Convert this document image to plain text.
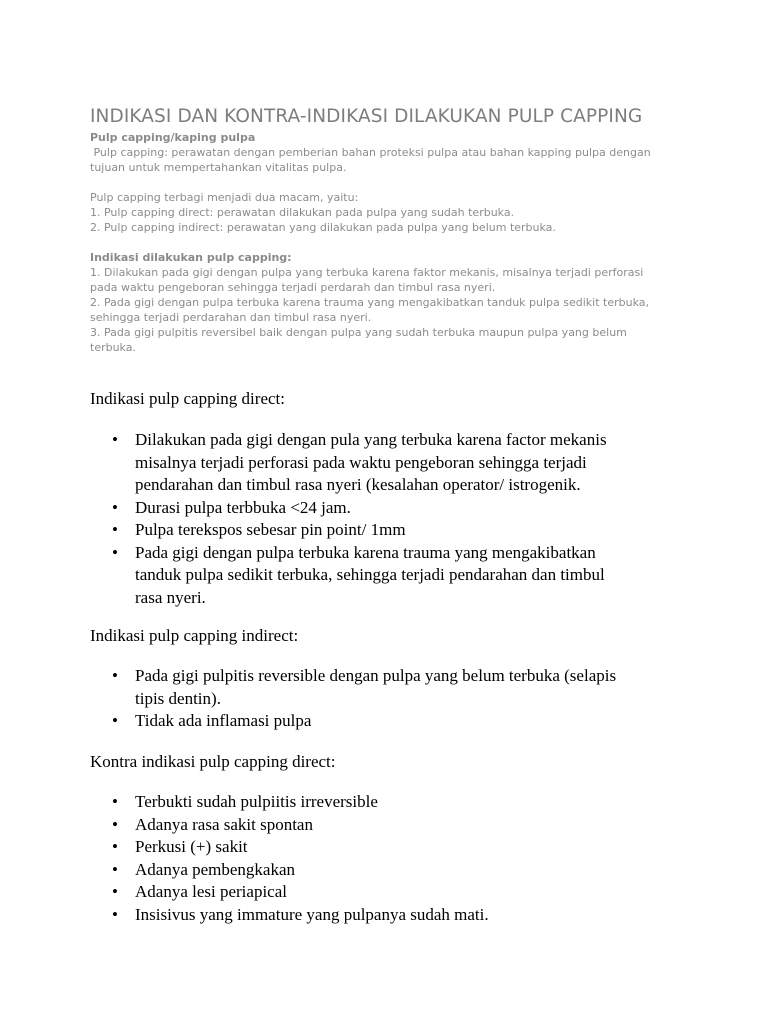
INDIKASI DAN KONTRA-INDIKASI DILAKUKAN PULP CAPPING

Pulp capping/kaping pulpa

Pulp capping: perawatan dengan pemberian bahan proteksi pulpa atau bahan kapping pulpa dengan

tujuan untuk mempertahankan vitalitas pulpa.

Pulp capping terbagi menjadi dua macam, yaitu:

1. Pulp capping direct: perawatan dilakukan pada pulpa yang sudah terbuka.

2. Pulp capping indirect: perawatan yang dilakukan pada pulpa yang belum terbuka.

Indikasi dilakukan pulp capping:

1. Dilakukan pada gigi dengan pulpa yang terbuka karena faktor mekanis, misalnya terjadi perforasi

pada waktu pengeboran sehingga terjadi perdarah dan timbul rasa nyeri.

2. Pada gigi dengan pulpa terbuka karena trauma yang mengakibatkan tanduk pulpa sedikit terbuka,

sehingga terjadi perdarahan dan timbul rasa nyeri.

3. Pada gigi pulpitis reversibel baik dengan pulpa yang sudah terbuka maupun pulpa yang belum

terbuka.

Indikasi pulp capping direct:

• Dilakukan pada gigi dengan pula yang terbuka karena factor mekanis
misalnya terjadi perforasi pada waktu pengeboran sehingga terjadi
pendarahan dan timbul rasa nyeri (kesalahan operator/ istrogenik.
• Durasi pulpa terbbuka <24 jam.
• Pulpa terekspos sebesar pin point/ 1mm
• Pada gigi dengan pulpa terbuka karena trauma yang mengakibatkan
tanduk pulpa sedikit terbuka, sehingga terjadi pendarahan dan timbul
rasa nyeri.

Indikasi pulp capping indirect:

• Pada gigi pulpitis reversible dengan pulpa yang belum terbuka (selapis
tipis dentin).
• Tidak ada inflamasi pulpa

Kontra indikasi pulp capping direct:

• Terbukti sudah pulpiitis irreversible
• Adanya rasa sakit spontan
• Perkusi (+) sakit
• Adanya pembengkakan
• Adanya lesi periapical
• Insisivus yang immature yang pulpanya sudah mati.
